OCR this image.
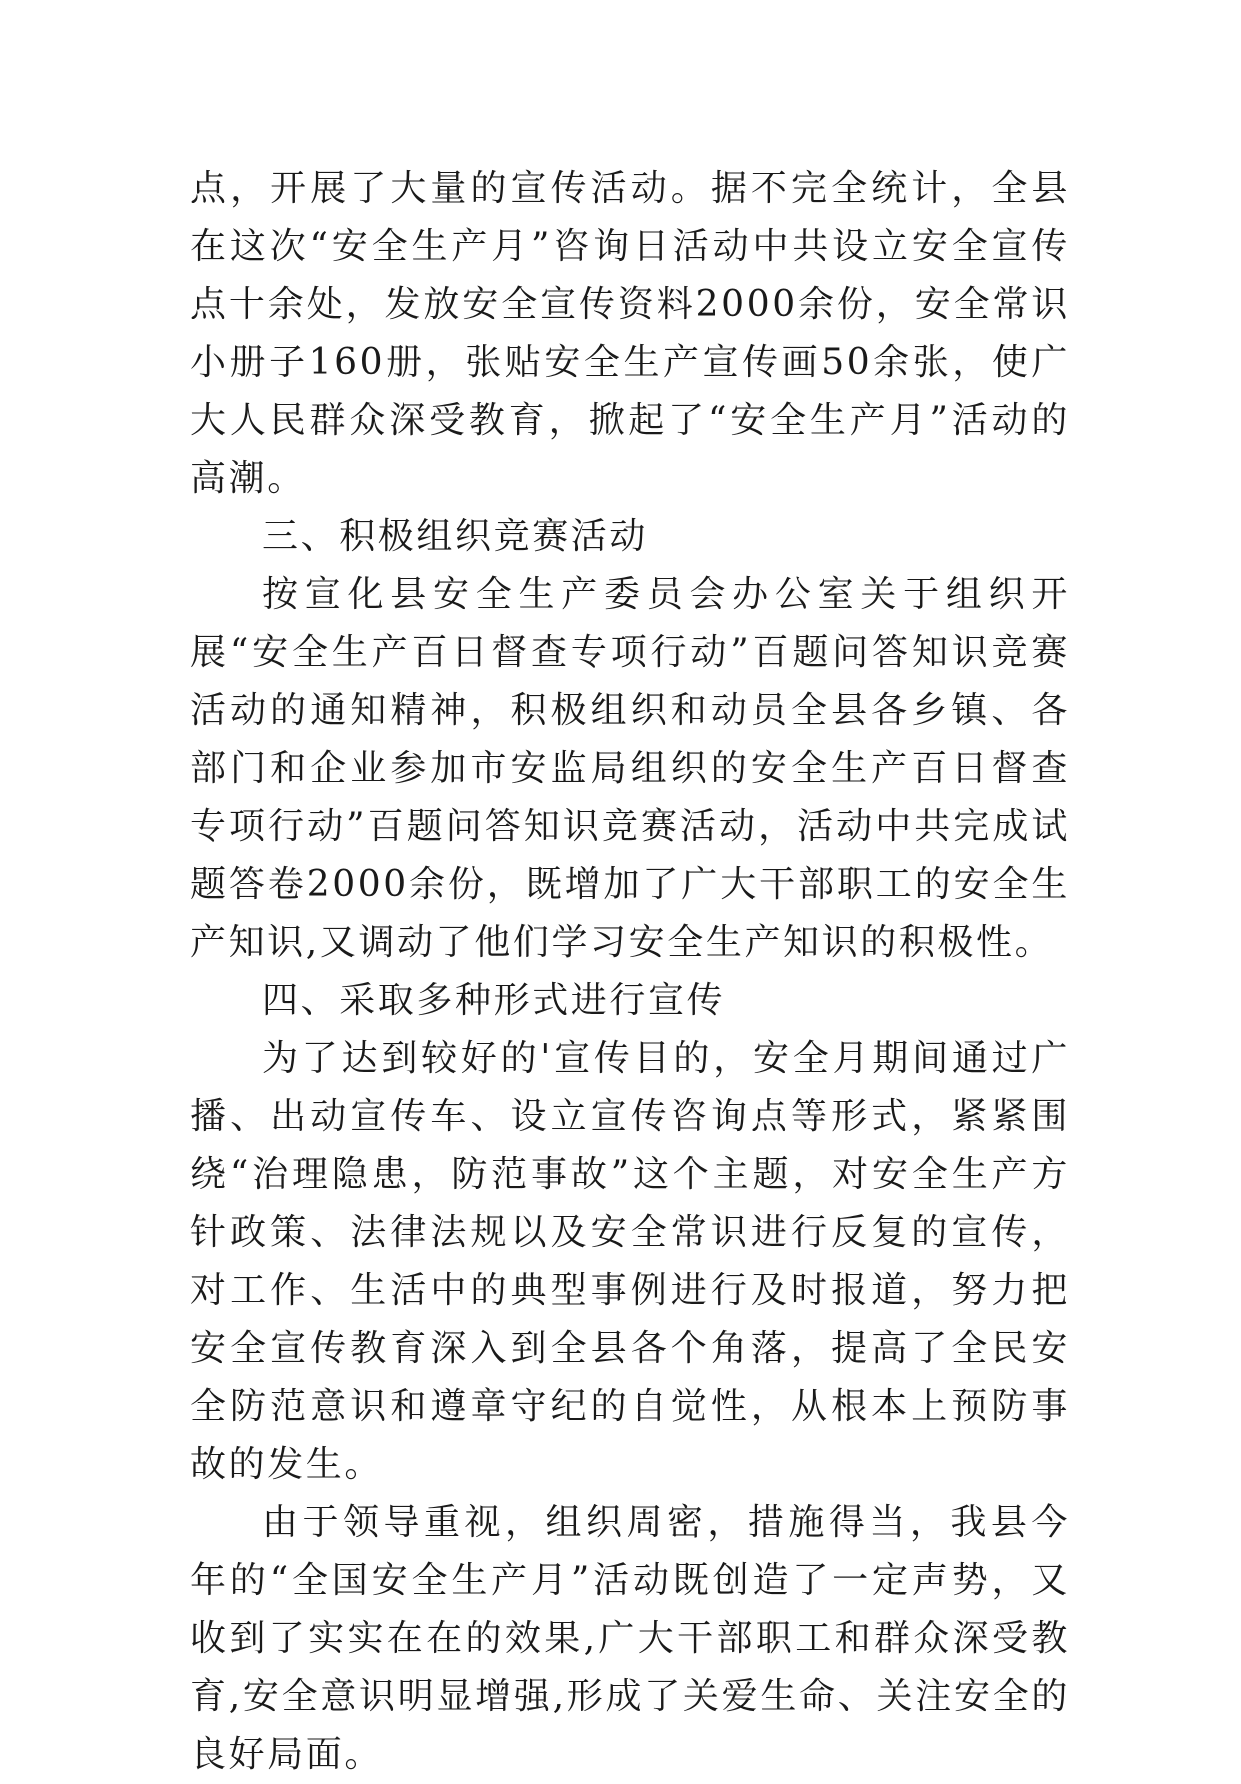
点，开展了大量的宣传活动。据不完全统计，全县在这次“安全生产月”咨询日活动中共设立安全宣传点十余处，发放安全宣传资料2000余份，安全常识小册子160册，张贴安全生产宣传画50余张，使广大人民群众深受教育，掀起了“安全生产月”活动的高潮。

三、积极组织竞赛活动

按宣化县安全生产委员会办公室关于组织开展“安全生产百日督查专项行动”百题问答知识竞赛活动的通知精神，积极组织和动员全县各乡镇、各部门和企业参加市安监局组织的安全生产百日督查专项行动”百题问答知识竞赛活动，活动中共完成试题答卷2000余份，既增加了广大干部职工的安全生产知识,又调动了他们学习安全生产知识的积极性。

四、采取多种形式进行宣传

为了达到较好的'宣传目的，安全月期间通过广播、出动宣传车、设立宣传咨询点等形式，紧紧围绕“治理隐患，防范事故”这个主题，对安全生产方针政策、法律法规以及安全常识进行反复的宣传，对工作、生活中的典型事例进行及时报道，努力把安全宣传教育深入到全县各个角落，提高了全民安全防范意识和遵章守纪的自觉性，从根本上预防事故的发生。

由于领导重视，组织周密，措施得当，我县今年的“全国安全生产月”活动既创造了一定声势，又收到了实实在在的效果,广大干部职工和群众深受教育,安全意识明显增强,形成了关爱生命、关注安全的良好局面。
